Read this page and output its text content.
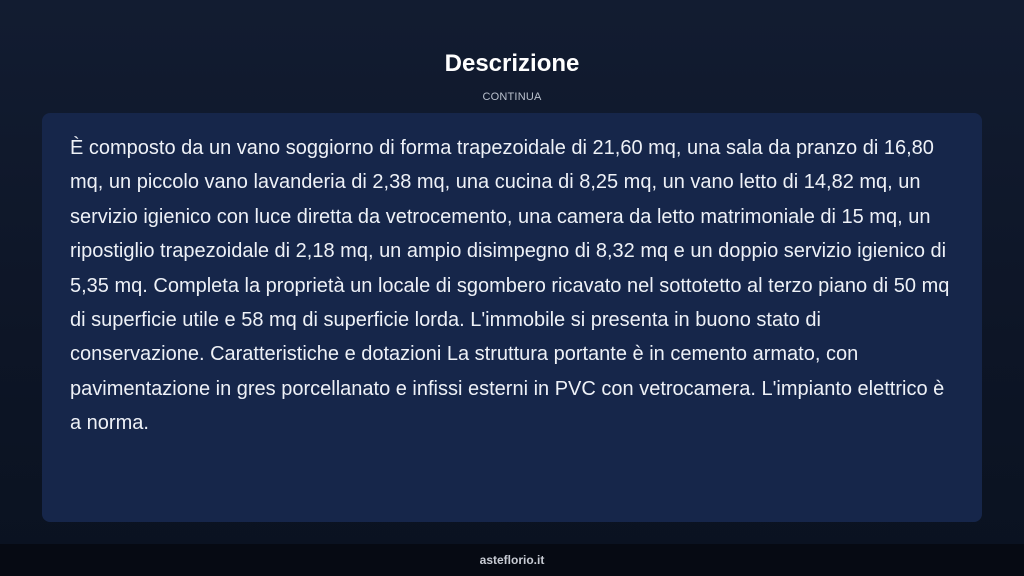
Descrizione
CONTINUA

È composto da un vano soggiorno di forma trapezoidale di 21,60 mq, una sala da pranzo di 16,80 mq, un piccolo vano lavanderia di 2,38 mq, una cucina di 8,25 mq, un vano letto di 14,82 mq, un servizio igienico con luce diretta da vetrocemento, una camera da letto matrimoniale di 15 mq, un ripostiglio trapezoidale di 2,18 mq, un ampio disimpegno di 8,32 mq e un doppio servizio igienico di 5,35 mq. Completa la proprietà un locale di sgombero ricavato nel sottotetto al terzo piano di 50 mq di superficie utile e 58 mq di superficie lorda. L'immobile si presenta in buono stato di conservazione. Caratteristiche e dotazioni La struttura portante è in cemento armato, con pavimentazione in gres porcellanato e infissi esterni in PVC con vetrocamera. L'impianto elettrico è a norma.

asteflorio.it
